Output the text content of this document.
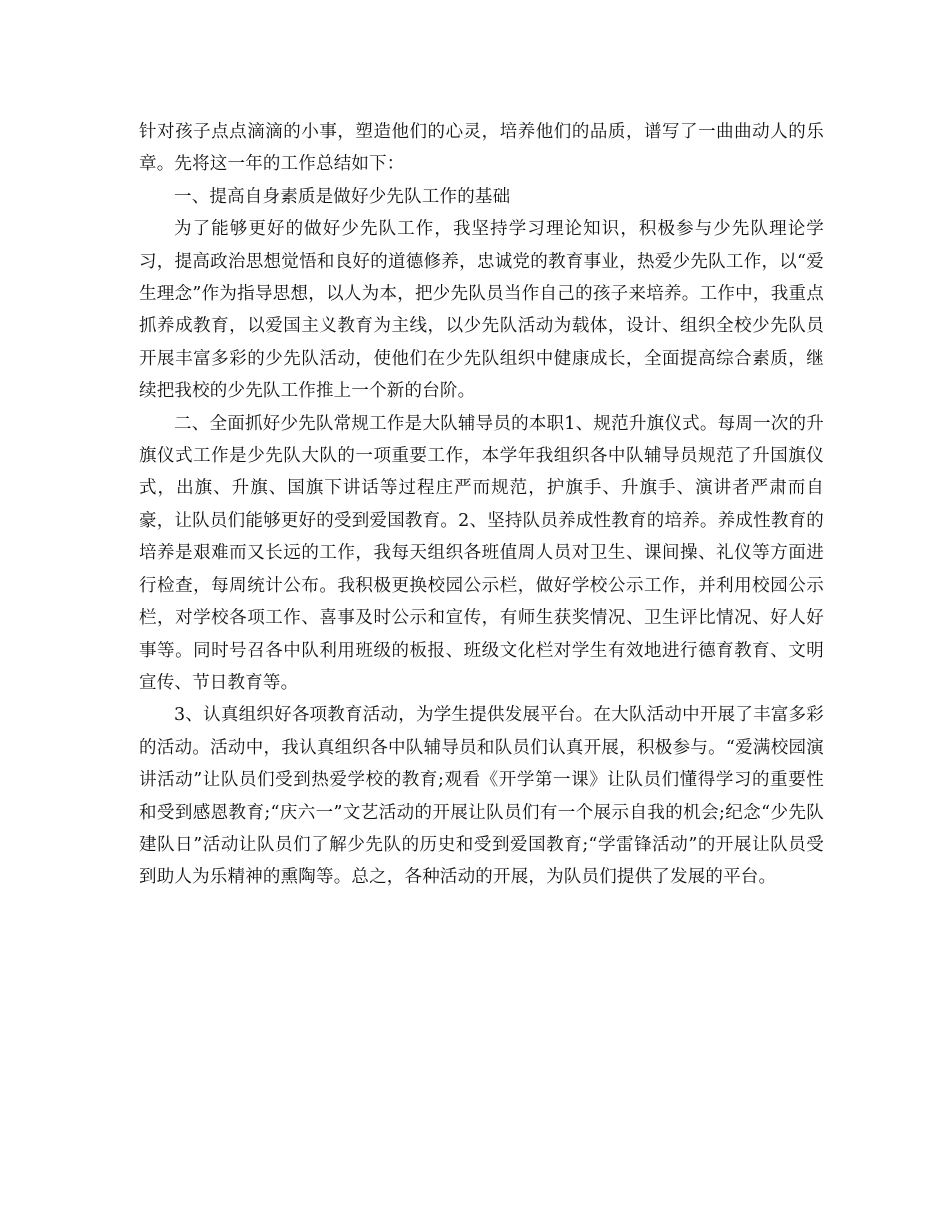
针对孩子点点滴滴的小事，塑造他们的心灵，培养他们的品质，谱写了一曲曲动人的乐章。先将这一年的工作总结如下：

一、提高自身素质是做好少先队工作的基础

为了能够更好的做好少先队工作，我坚持学习理论知识，积极参与少先队理论学习，提高政治思想觉悟和良好的道德修养，忠诚党的教育事业，热爱少先队工作，以“爱生理念”作为指导思想，以人为本，把少先队员当作自己的孩子来培养。工作中，我重点抓养成教育，以爱国主义教育为主线，以少先队活动为载体，设计、组织全校少先队员开展丰富多彩的少先队活动，使他们在少先队组织中健康成长，全面提高综合素质，继续把我校的少先队工作推上一个新的台阶。

二、全面抓好少先队常规工作是大队辅导员的本职1、规范升旗仪式。每周一次的升旗仪式工作是少先队大队的一项重要工作，本学年我组织各中队辅导员规范了升国旗仪式，出旗、升旗、国旗下讲话等过程庄严而规范，护旗手、升旗手、演讲者严肃而自豪，让队员们能够更好的受到爱国教育。2、坚持队员养成性教育的培养。养成性教育的培养是艰难而又长远的工作，我每天组织各班值周人员对卫生、课间操、礼仪等方面进行检查，每周统计公布。我积极更换校园公示栏，做好学校公示工作，并利用校园公示栏，对学校各项工作、喜事及时公示和宣传，有师生获奖情况、卫生评比情况、好人好事等。同时号召各中队利用班级的板报、班级文化栏对学生有效地进行德育教育、文明宣传、节日教育等。

3、认真组织好各项教育活动，为学生提供发展平台。在大队活动中开展了丰富多彩的活动。活动中，我认真组织各中队辅导员和队员们认真开展，积极参与。“爱满校园演讲活动”让队员们受到热爱学校的教育;观看《开学第一课》让队员们懂得学习的重要性和受到感恩教育;“庆六一”文艺活动的开展让队员们有一个展示自我的机会;纪念“少先队建队日”活动让队员们了解少先队的历史和受到爱国教育;“学雷锋活动”的开展让队员受到助人为乐精神的熏陶等。总之，各种活动的开展，为队员们提供了发展的平台。
